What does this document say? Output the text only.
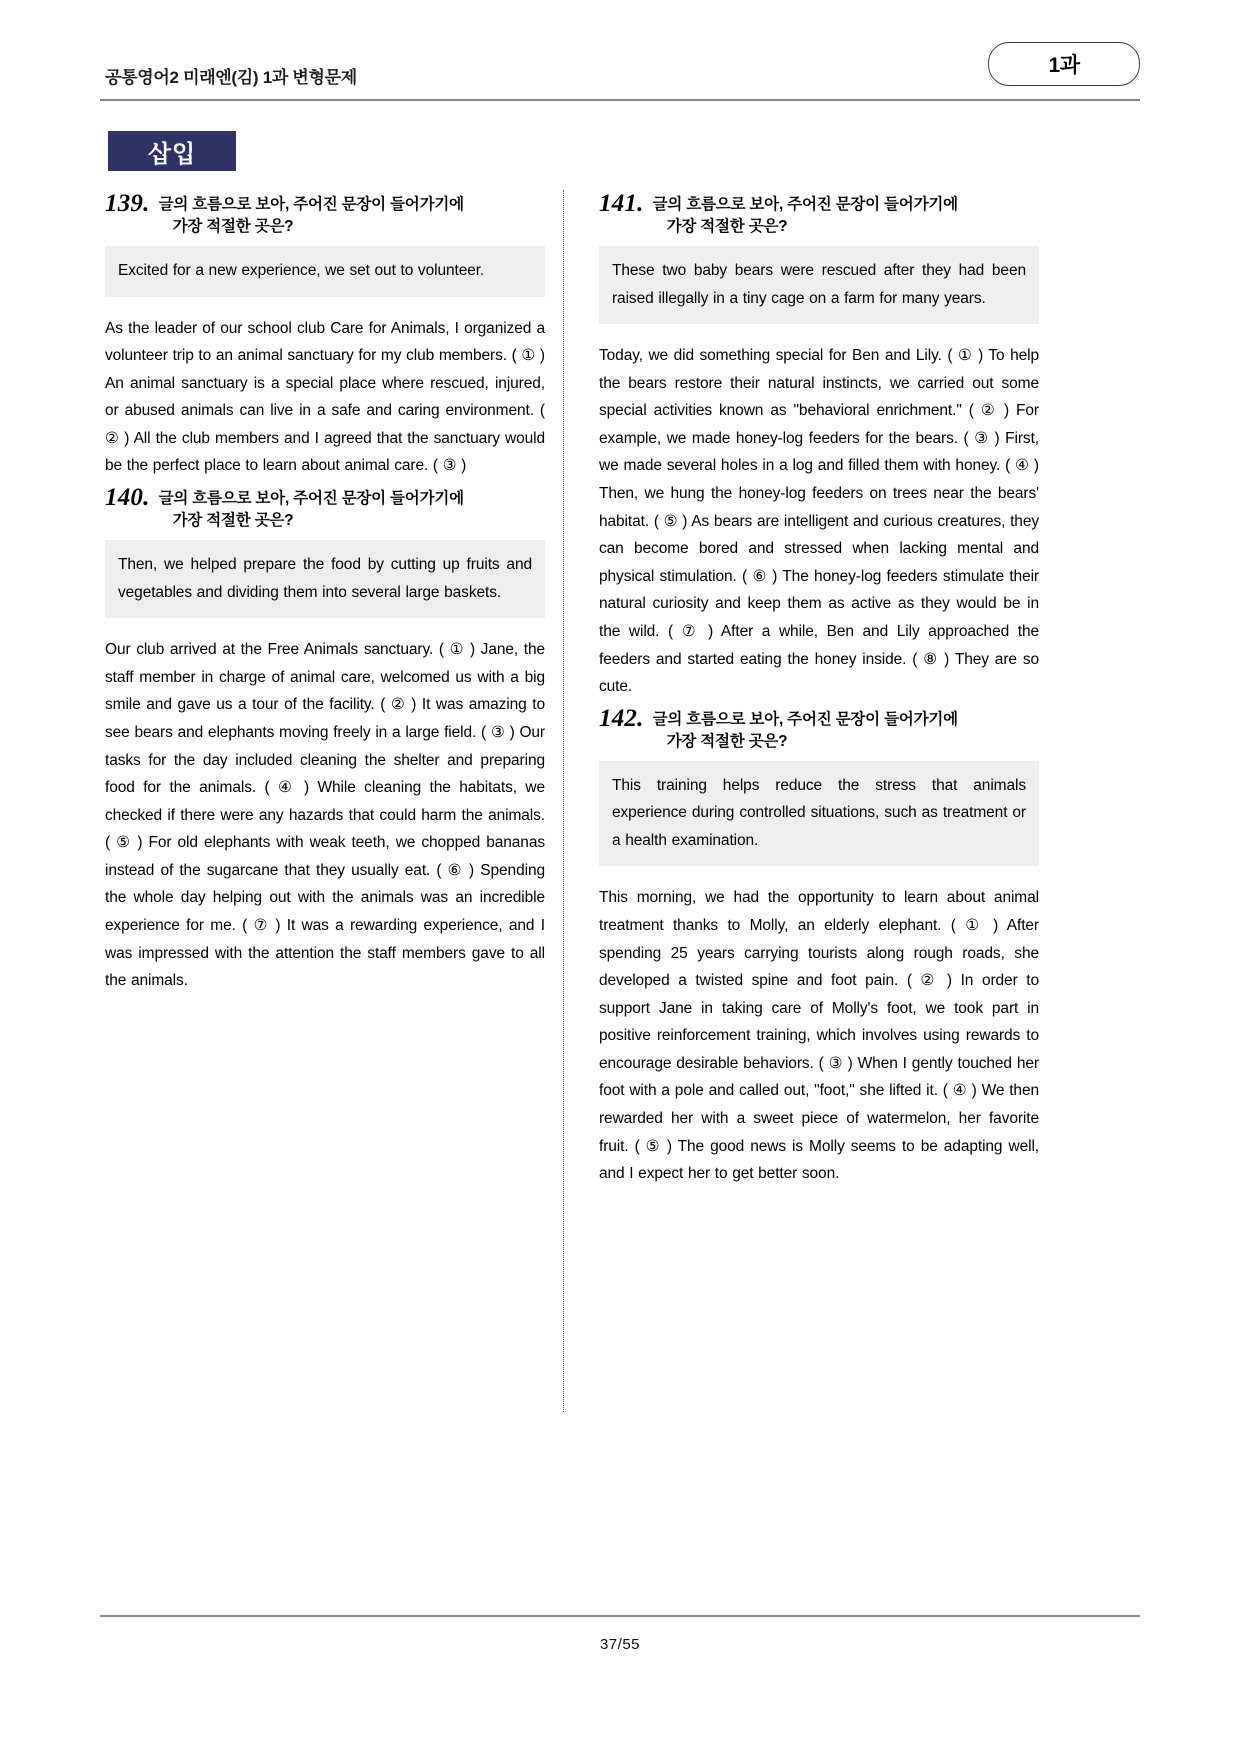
공통영어2 미래엔(김) 1과 변형문제
1과
삽입
139. 글의 흐름으로 보아, 주어진 문장이 들어가기에
가장 적절한 곳은?
Excited for a new experience, we set out to volunteer.
As the leader of our school club Care for Animals, I organized a volunteer trip to an animal sanctuary for my club members. ( ① ) An animal sanctuary is a special place where rescued, injured, or abused animals can live in a safe and caring environment. ( ② ) All the club members and I agreed that the sanctuary would be the perfect place to learn about animal care. ( ③ )
140. 글의 흐름으로 보아, 주어진 문장이 들어가기에
가장 적절한 곳은?
Then, we helped prepare the food by cutting up fruits and vegetables and dividing them into several large baskets.
Our club arrived at the Free Animals sanctuary. ( ① ) Jane, the staff member in charge of animal care, welcomed us with a big smile and gave us a tour of the facility. ( ② ) It was amazing to see bears and elephants moving freely in a large field. ( ③ ) Our tasks for the day included cleaning the shelter and preparing food for the animals. ( ④ ) While cleaning the habitats, we checked if there were any hazards that could harm the animals. ( ⑤ ) For old elephants with weak teeth, we chopped bananas instead of the sugarcane that they usually eat. ( ⑥ ) Spending the whole day helping out with the animals was an incredible experience for me. ( ⑦ ) It was a rewarding experience, and I was impressed with the attention the staff members gave to all the animals.
141. 글의 흐름으로 보아, 주어진 문장이 들어가기에
가장 적절한 곳은?
These two baby bears were rescued after they had been raised illegally in a tiny cage on a farm for many years.
Today, we did something special for Ben and Lily. ( ① ) To help the bears restore their natural instincts, we carried out some special activities known as "behavioral enrichment." ( ② ) For example, we made honey-log feeders for the bears. ( ③ ) First, we made several holes in a log and filled them with honey. ( ④ ) Then, we hung the honey-log feeders on trees near the bears' habitat. ( ⑤ ) As bears are intelligent and curious creatures, they can become bored and stressed when lacking mental and physical stimulation. ( ⑥ ) The honey-log feeders stimulate their natural curiosity and keep them as active as they would be in the wild. ( ⑦ ) After a while, Ben and Lily approached the feeders and started eating the honey inside. ( ⑧ ) They are so cute.
142. 글의 흐름으로 보아, 주어진 문장이 들어가기에
가장 적절한 곳은?
This training helps reduce the stress that animals experience during controlled situations, such as treatment or a health examination.
This morning, we had the opportunity to learn about animal treatment thanks to Molly, an elderly elephant. ( ① ) After spending 25 years carrying tourists along rough roads, she developed a twisted spine and foot pain. ( ② ) In order to support Jane in taking care of Molly's foot, we took part in positive reinforcement training, which involves using rewards to encourage desirable behaviors. ( ③ ) When I gently touched her foot with a pole and called out, "foot," she lifted it. ( ④ ) We then rewarded her with a sweet piece of watermelon, her favorite fruit. ( ⑤ ) The good news is Molly seems to be adapting well, and I expect her to get better soon.
37/55
